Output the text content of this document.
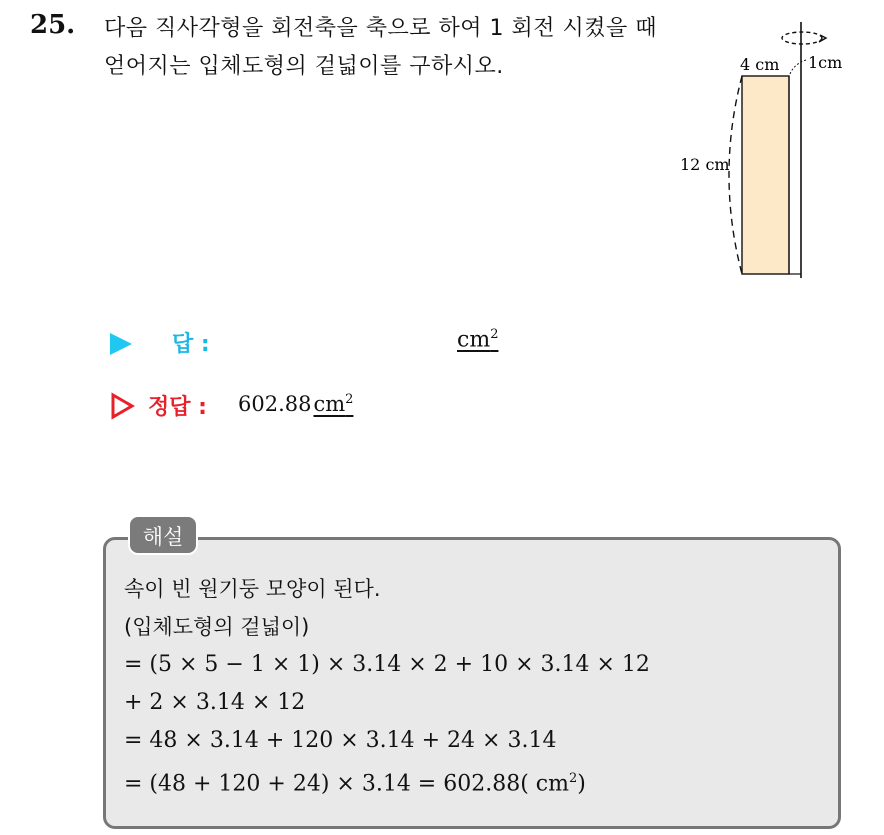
25. 다음 직사각형을 회전축을 축으로 하여 1 회전 시켰을 때 얻어지는 입체도형의 겉넓이를 구하시오.	4 cm 1cm
12 cm
답 :	$cm^2$
정답 : $602.88cm^2$
해설
속이 빈 원기둥 모양이 된다.
(입체도형의 겉넓이)
= (5 × 5 − 1 × 1) × 3.14 × 2 + 10 × 3.14 × 12
+ 2 × 3.14 × 12
= 48 × 3.14 + 120 × 3.14 + 24 × 3.14
= (48 + 120 + 24) × 3.14 = 602.88( $cm^2$)
